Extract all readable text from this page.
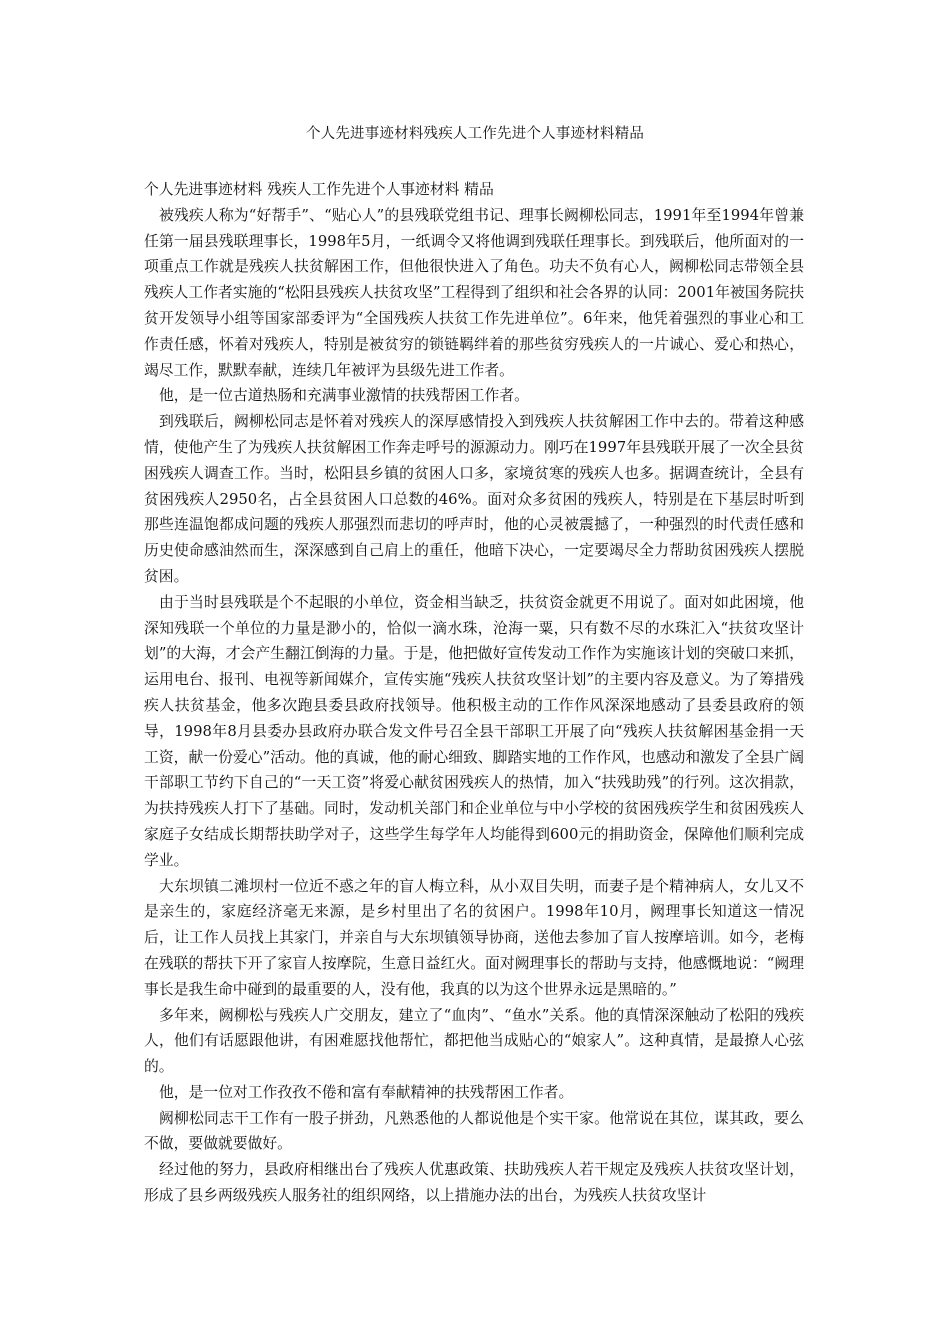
个人先进事迹材料残疾人工作先进个人事迹材料精品

个人先进事迹材料 残疾人工作先进个人事迹材料 精品

被残疾人称为“好帮手”、“贴心人”的县残联党组书记、理事长阙柳松同志，1991年至1994年曾兼任第一届县残联理事长，1998年5月，一纸调令又将他调到残联任理事长。到残联后，他所面对的一项重点工作就是残疾人扶贫解困工作，但他很快进入了角色。功夫不负有心人，阙柳松同志带领全县残疾人工作者实施的“松阳县残疾人扶贫攻坚”工程得到了组织和社会各界的认同：2001年被国务院扶贫开发领导小组等国家部委评为“全国残疾人扶贫工作先进单位”。6年来，他凭着强烈的事业心和工作责任感，怀着对残疾人，特别是被贫穷的锁链羁绊着的那些贫穷残疾人的一片诚心、爱心和热心，竭尽工作，默默奉献，连续几年被评为县级先进工作者。

他，是一位古道热肠和充满事业激情的扶残帮困工作者。

到残联后，阙柳松同志是怀着对残疾人的深厚感情投入到残疾人扶贫解困工作中去的。带着这种感情，使他产生了为残疾人扶贫解困工作奔走呼号的源源动力。刚巧在1997年县残联开展了一次全县贫困残疾人调查工作。当时，松阳县乡镇的贫困人口多，家境贫寒的残疾人也多。据调查统计，全县有贫困残疾人2950名，占全县贫困人口总数的46%。面对众多贫困的残疾人，特别是在下基层时听到那些连温饱都成问题的残疾人那强烈而悲切的呼声时，他的心灵被震撼了，一种强烈的时代责任感和历史使命感油然而生，深深感到自己肩上的重任，他暗下决心，一定要竭尽全力帮助贫困残疾人摆脱贫困。

由于当时县残联是个不起眼的小单位，资金相当缺乏，扶贫资金就更不用说了。面对如此困境，他深知残联一个单位的力量是渺小的，恰似一滴水珠，沧海一粟，只有数不尽的水珠汇入“扶贫攻坚计划”的大海，才会产生翻江倒海的力量。于是，他把做好宣传发动工作作为实施该计划的突破口来抓，运用电台、报刊、电视等新闻媒介，宣传实施“残疾人扶贫攻坚计划”的主要内容及意义。为了筹措残疾人扶贫基金，他多次跑县委县政府找领导。他积极主动的工作作风深深地感动了县委县政府的领导，1998年8月县委办县政府办联合发文件号召全县干部职工开展了向“残疾人扶贫解困基金捐一天工资，献一份爱心”活动。他的真诚，他的耐心细致、脚踏实地的工作作风，也感动和激发了全县广阔干部职工节约下自己的“一天工资”将爱心献贫困残疾人的热情，加入“扶残助残”的行列。这次捐款，为扶持残疾人打下了基础。同时，发动机关部门和企业单位与中小学校的贫困残疾学生和贫困残疾人家庭子女结成长期帮扶助学对子，这些学生每学年人均能得到600元的捐助资金，保障他们顺利完成学业。

大东坝镇二滩坝村一位近不惑之年的盲人梅立科，从小双目失明，而妻子是个精神病人，女儿又不是亲生的，家庭经济毫无来源，是乡村里出了名的贫困户。1998年10月，阙理事长知道这一情况后，让工作人员找上其家门，并亲自与大东坝镇领导协商，送他去参加了盲人按摩培训。如今，老梅在残联的帮扶下开了家盲人按摩院，生意日益红火。面对阙理事长的帮助与支持，他感慨地说：“阙理事长是我生命中碰到的最重要的人，没有他，我真的以为这个世界永远是黑暗的。”

多年来，阙柳松与残疾人广交朋友，建立了“血肉”、“鱼水”关系。他的真情深深触动了松阳的残疾人，他们有话愿跟他讲，有困难愿找他帮忙，都把他当成贴心的“娘家人”。这种真情，是最撩人心弦的。

他，是一位对工作孜孜不倦和富有奉献精神的扶残帮困工作者。

阙柳松同志干工作有一股子拼劲，凡熟悉他的人都说他是个实干家。他常说在其位，谋其政，要么不做，要做就要做好。

经过他的努力，县政府相继出台了残疾人优惠政策、扶助残疾人若干规定及残疾人扶贫攻坚计划，形成了县乡两级残疾人服务社的组织网络，以上措施办法的出台，为残疾人扶贫攻坚计
